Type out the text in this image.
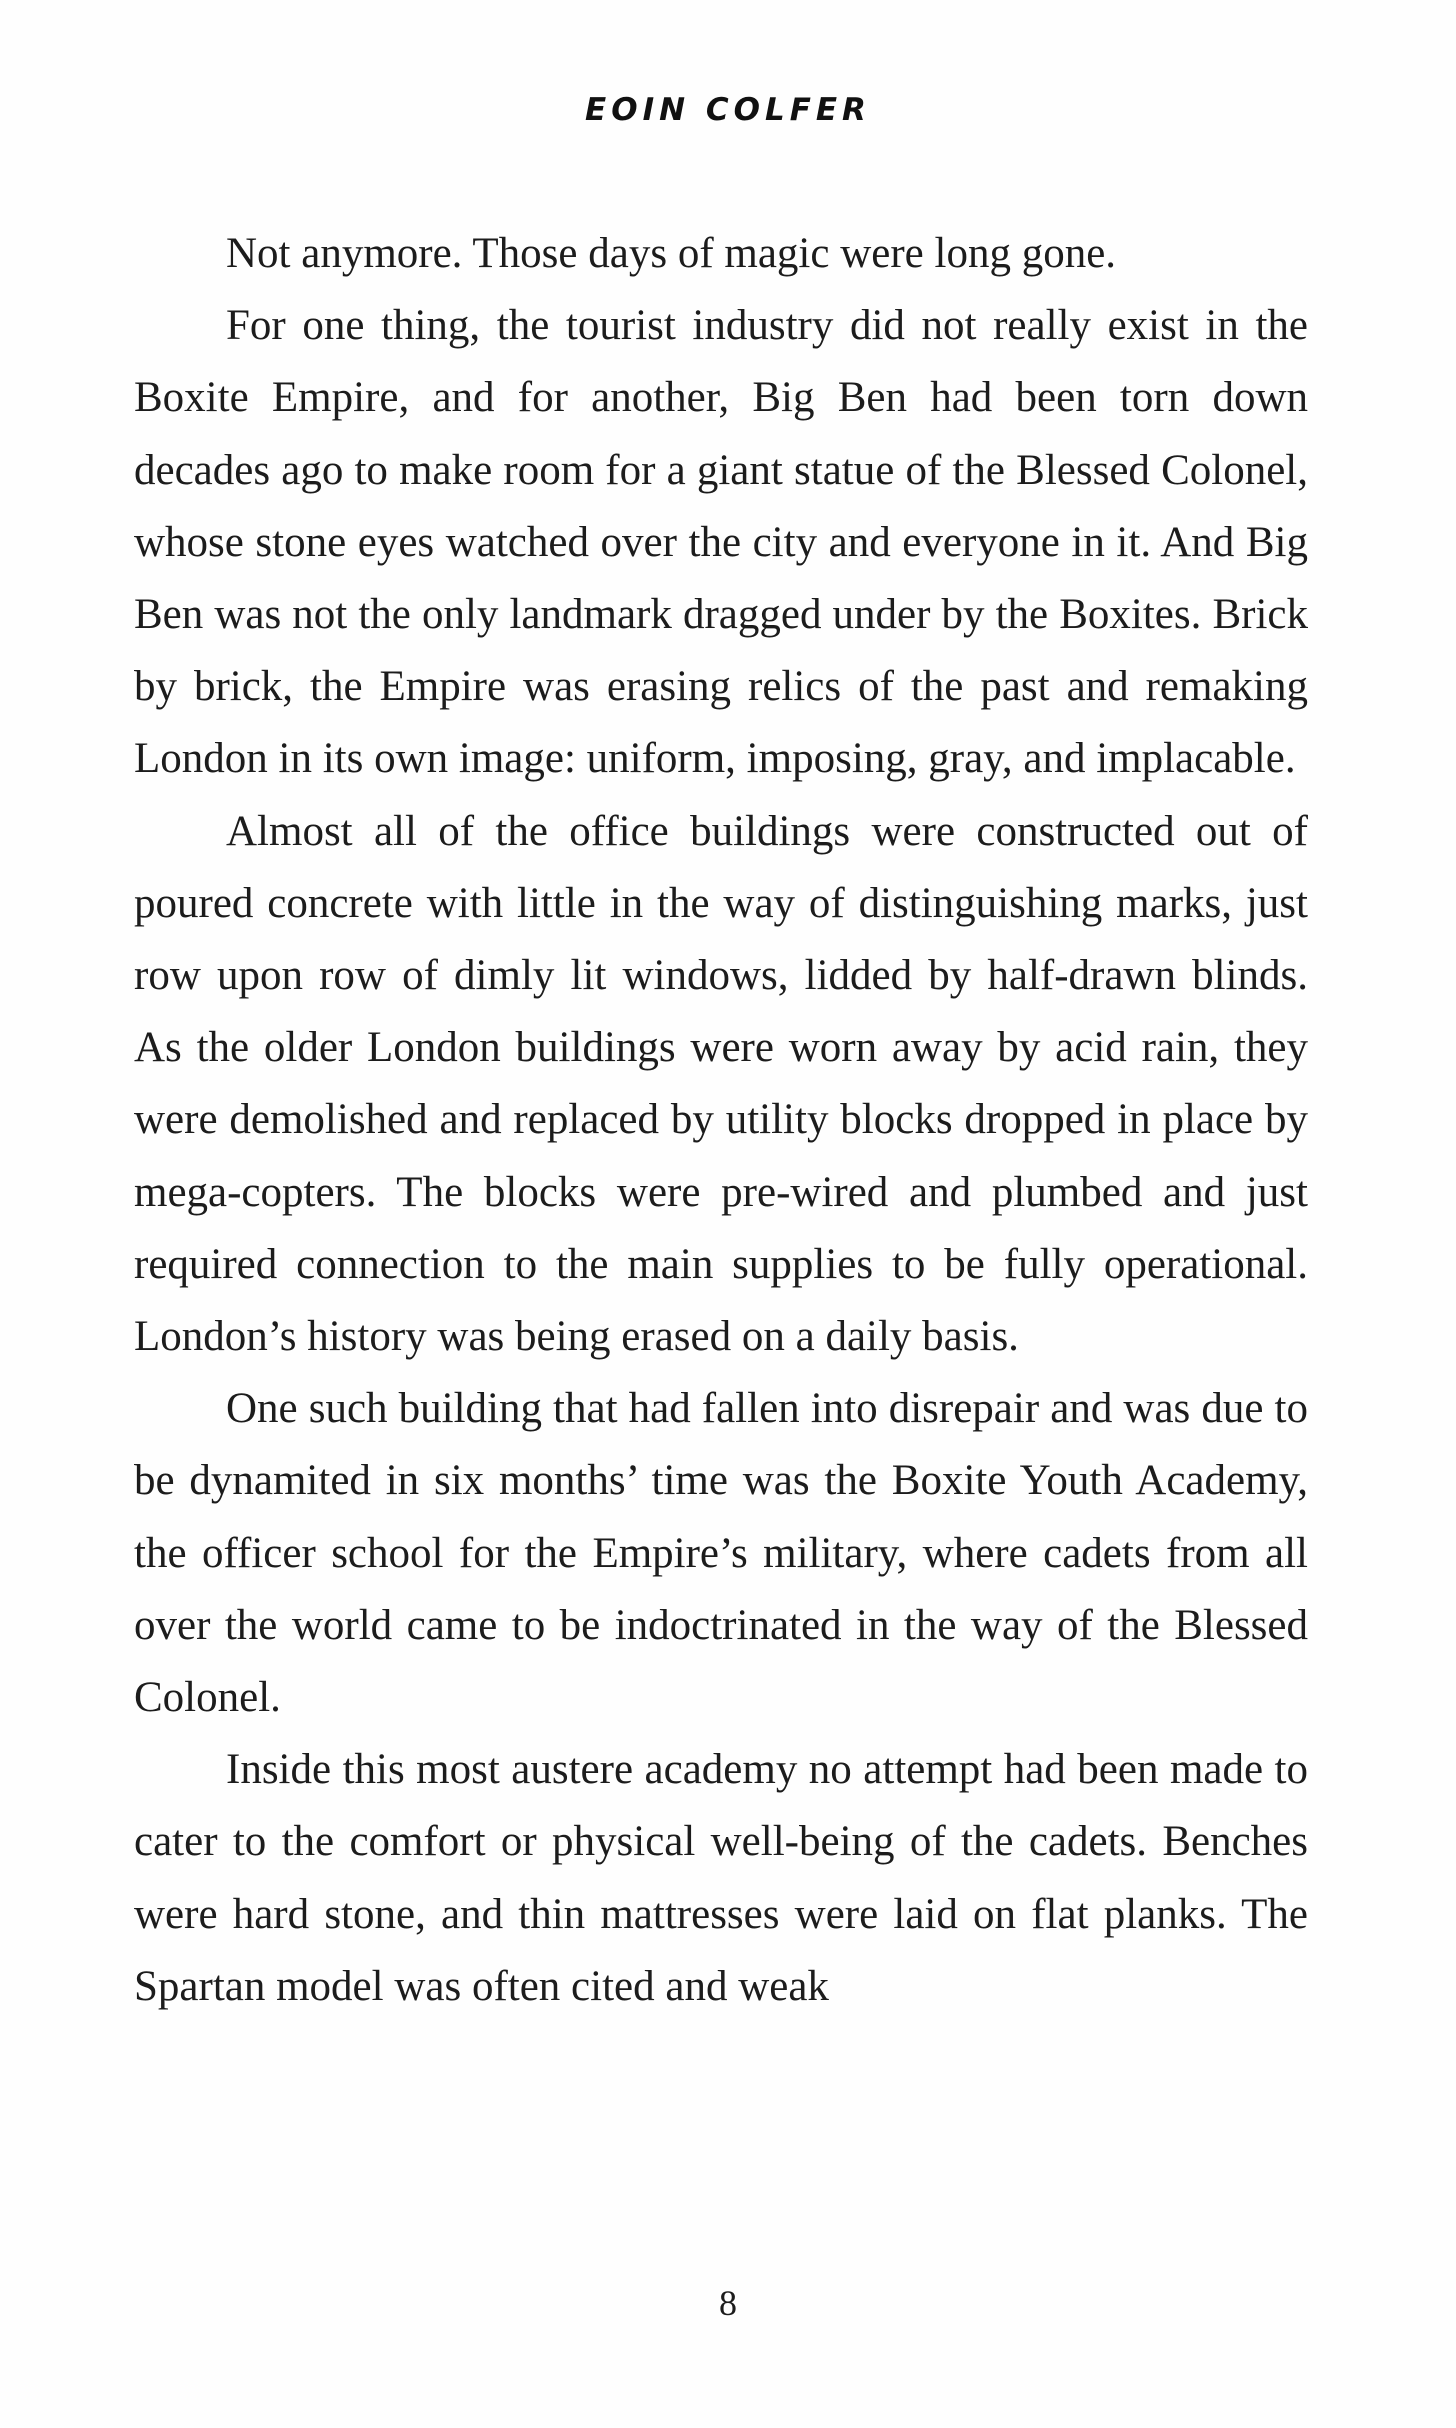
EOIN COLFER

Not anymore. Those days of magic were long gone.

For one thing, the tourist industry did not really exist in the Boxite Empire, and for another, Big Ben had been torn down decades ago to make room for a giant statue of the Blessed Colonel, whose stone eyes watched over the city and everyone in it. And Big Ben was not the only landmark dragged under by the Boxites. Brick by brick, the Empire was erasing relics of the past and remaking London in its own image: uniform, imposing, gray, and implacable.

Almost all of the office buildings were constructed out of poured concrete with little in the way of distinguishing marks, just row upon row of dimly lit windows, lidded by half-drawn blinds. As the older London buildings were worn away by acid rain, they were demolished and replaced by utility blocks dropped in place by mega-copters. The blocks were pre-wired and plumbed and just required connection to the main supplies to be fully operational. London’s history was being erased on a daily basis.

One such building that had fallen into disrepair and was due to be dynamited in six months’ time was the Boxite Youth Academy, the officer school for the Empire’s military, where cadets from all over the world came to be indoctrinated in the way of the Blessed Colonel.

Inside this most austere academy no attempt had been made to cater to the comfort or physical well-being of the cadets. Benches were hard stone, and thin mattresses were laid on flat planks. The Spartan model was often cited and weak

8
